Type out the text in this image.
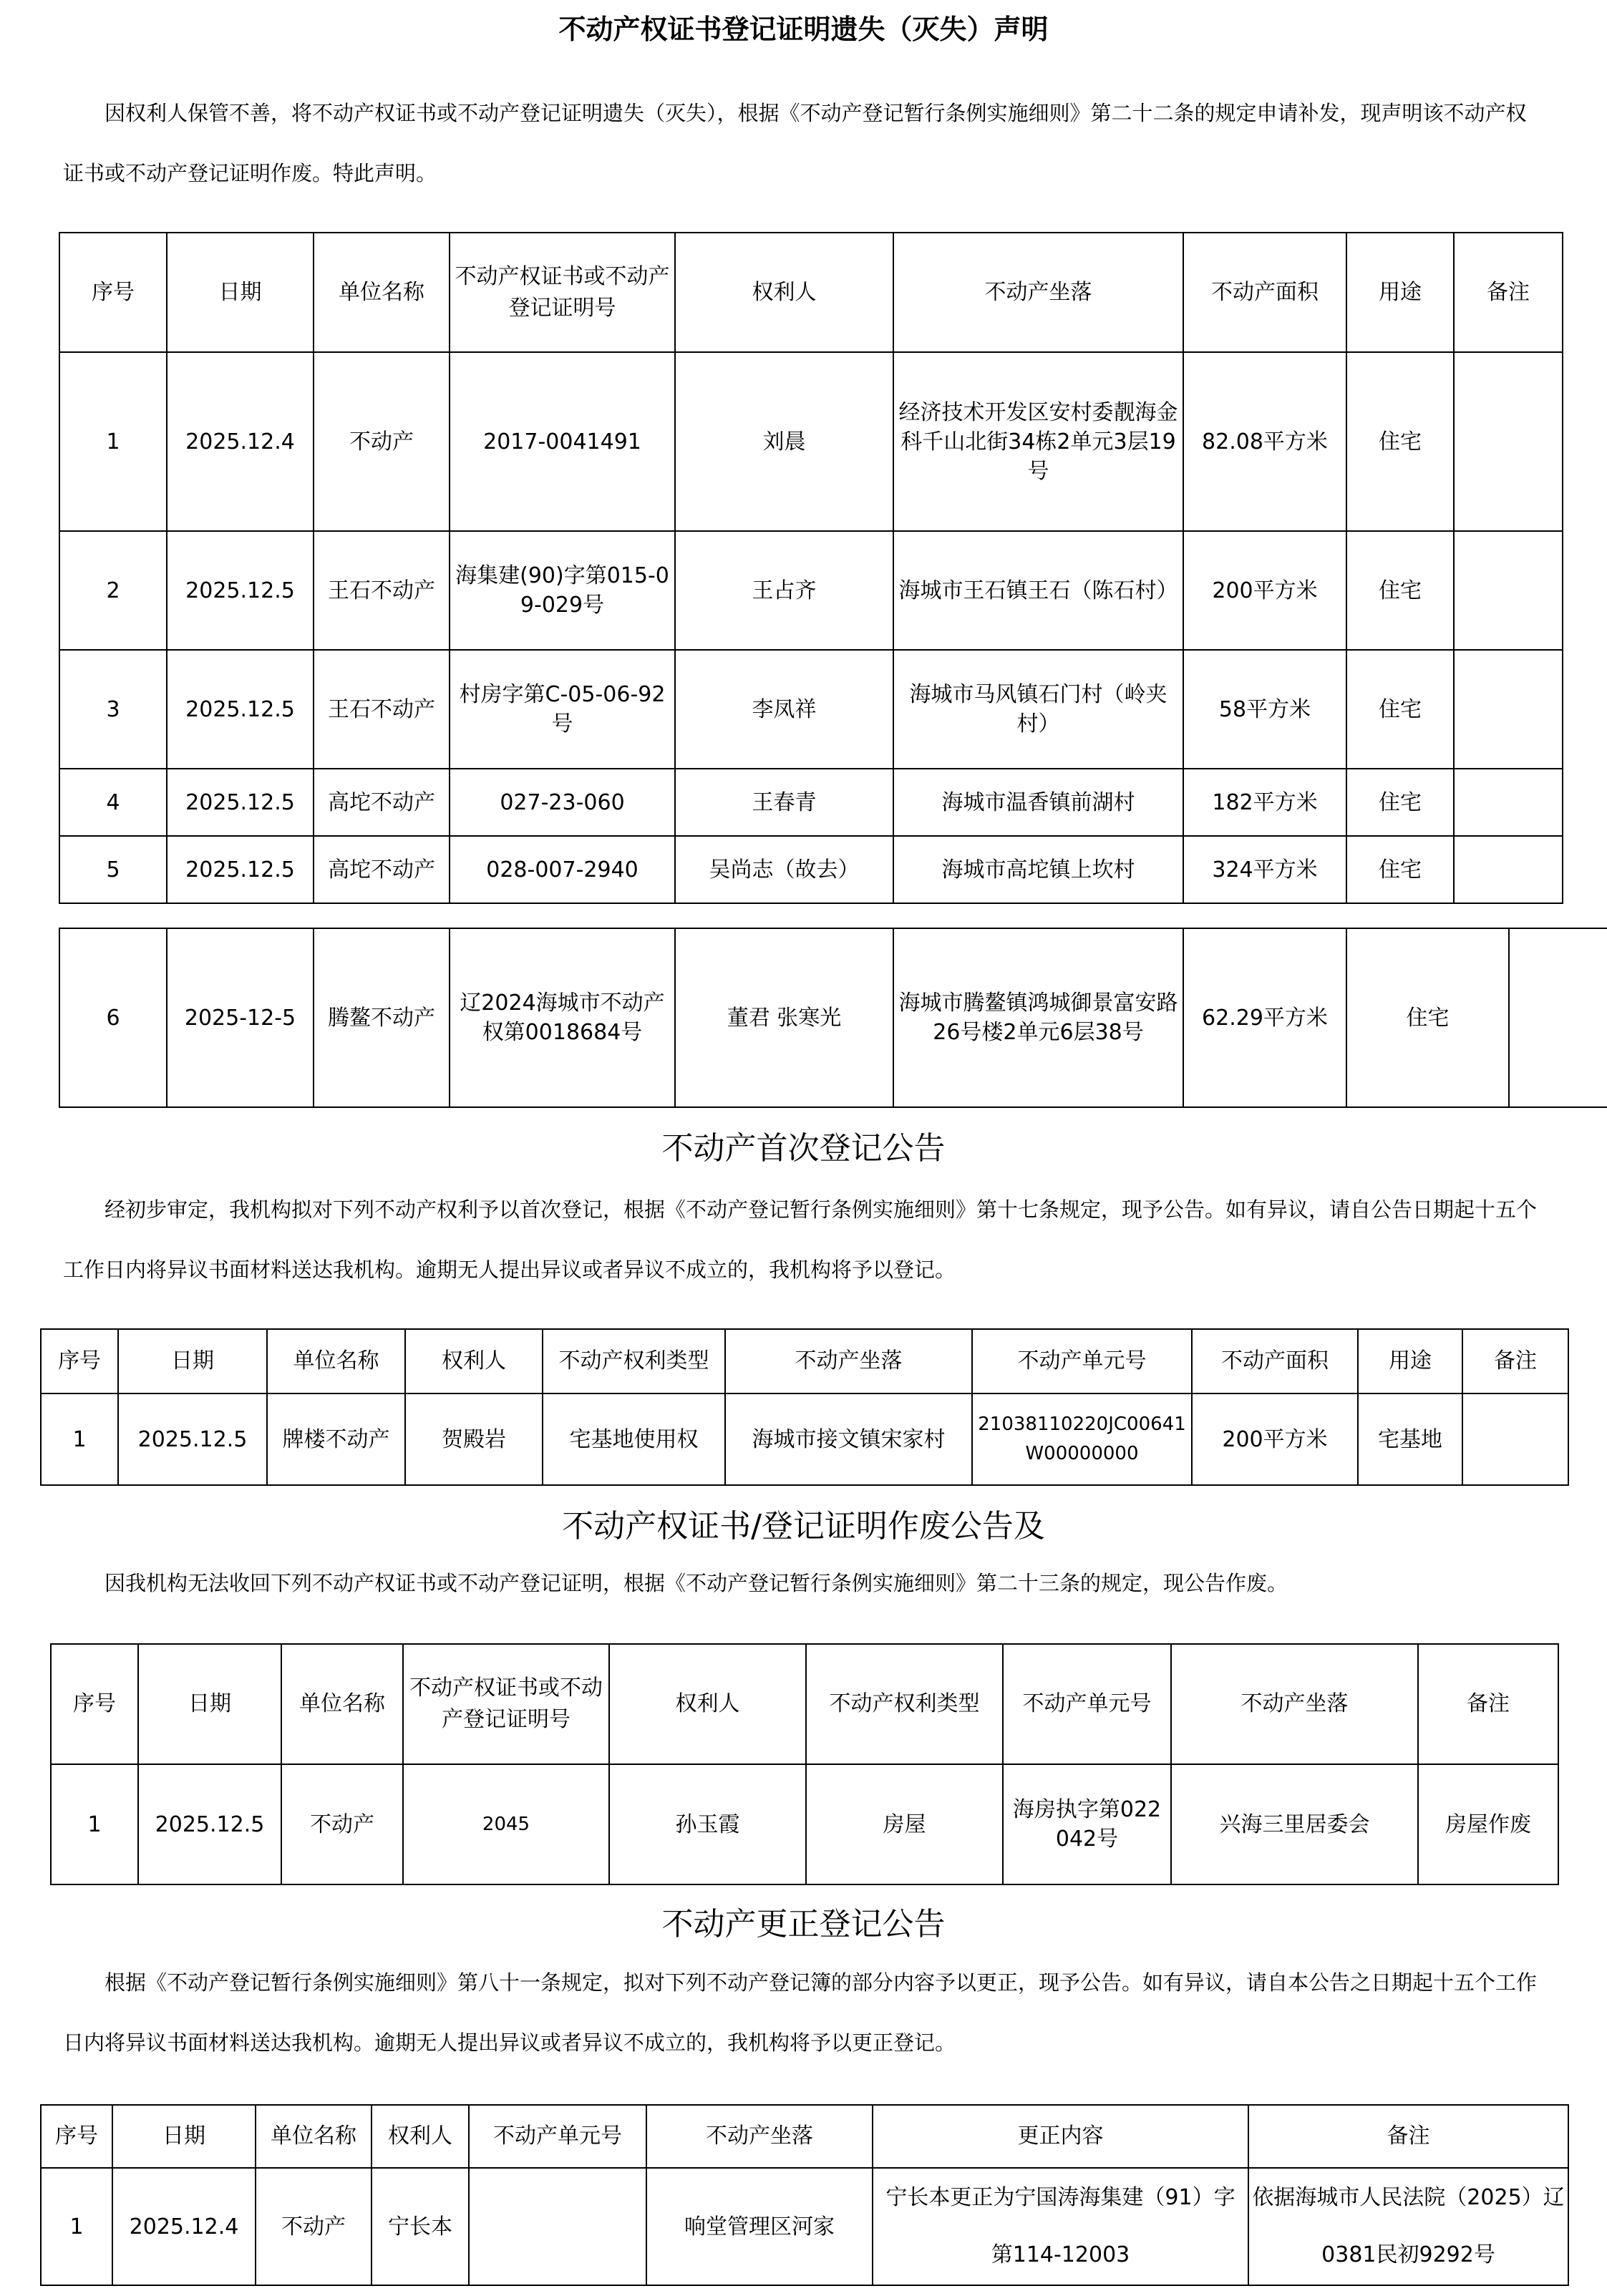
不动产权证书登记证明遗失（灭失）声明

因权利人保管不善，将不动产权证书或不动产登记证明遗失（灭失），根据《不动产登记暂行条例实施细则》第二十二条的规定申请补发，现声明该不动产权证书或不动产登记证明作废。特此声明。

序号	日期	单位名称	不动产权证书或不动产登记证明号	权利人	不动产坐落	不动产面积	用途	备注
1	2025.12.4	不动产	2017-0041491	刘晨	经济技术开发区安村委靓海金科千山北街34栋2单元3层19号	82.08平方米	住宅	
2	2025.12.5	王石不动产	海集建(90)字第015-09-029号	王占齐	海城市王石镇王石（陈石村）	200平方米	住宅	
3	2025.12.5	王石不动产	村房字第C-05-06-92号	李凤祥	海城市马风镇石门村（岭夹村）	58平方米	住宅	
4	2025.12.5	高坨不动产	027-23-060	王春青	海城市温香镇前湖村	182平方米	住宅	
5	2025.12.5	高坨不动产	028-007-2940	吴尚志（故去）	海城市高坨镇上坎村	324平方米	住宅	
6	2025-12-5	腾鳌不动产	辽2024海城市不动产权第0018684号	董君 张寒光	海城市腾鳌镇鸿城御景富安路26号楼2单元6层38号	62.29平方米	住宅	
不动产首次登记公告

经初步审定，我机构拟对下列不动产权利予以首次登记，根据《不动产登记暂行条例实施细则》第十七条规定，现予公告。如有异议，请自公告日期起十五个工作日内将异议书面材料送达我机构。逾期无人提出异议或者异议不成立的，我机构将予以登记。

序号	日期	单位名称	权利人	不动产权利类型	不动产坐落	不动产单元号	不动产面积	用途	备注
1	2025.12.5	牌楼不动产	贺殿岩	宅基地使用权	海城市接文镇宋家村	21038110220JC00641W00000000	200平方米	宅基地	
不动产权证书/登记证明作废公告及

因我机构无法收回下列不动产权证书或不动产登记证明，根据《不动产登记暂行条例实施细则》第二十三条的规定，现公告作废。

序号	日期	单位名称	不动产权证书或不动产登记证明号	权利人	不动产权利类型	不动产单元号	不动产坐落	备注
1	2025.12.5	不动产	2045	孙玉霞	房屋	海房执字第022042号	兴海三里居委会	房屋作废
不动产更正登记公告

根据《不动产登记暂行条例实施细则》第八十一条规定，拟对下列不动产登记簿的部分内容予以更正，现予公告。如有异议，请自本公告之日期起十五个工作日内将异议书面材料送达我机构。逾期无人提出异议或者异议不成立的，我机构将予以更正登记。

序号	日期	单位名称	权利人	不动产单元号	不动产坐落	更正内容	备注
1	2025.12.4	不动产	宁长本		响堂管理区河家	宁长本更正为宁国涛海集建（91）字第114-12003	依据海城市人民法院（2025）辽0381民初9292号
